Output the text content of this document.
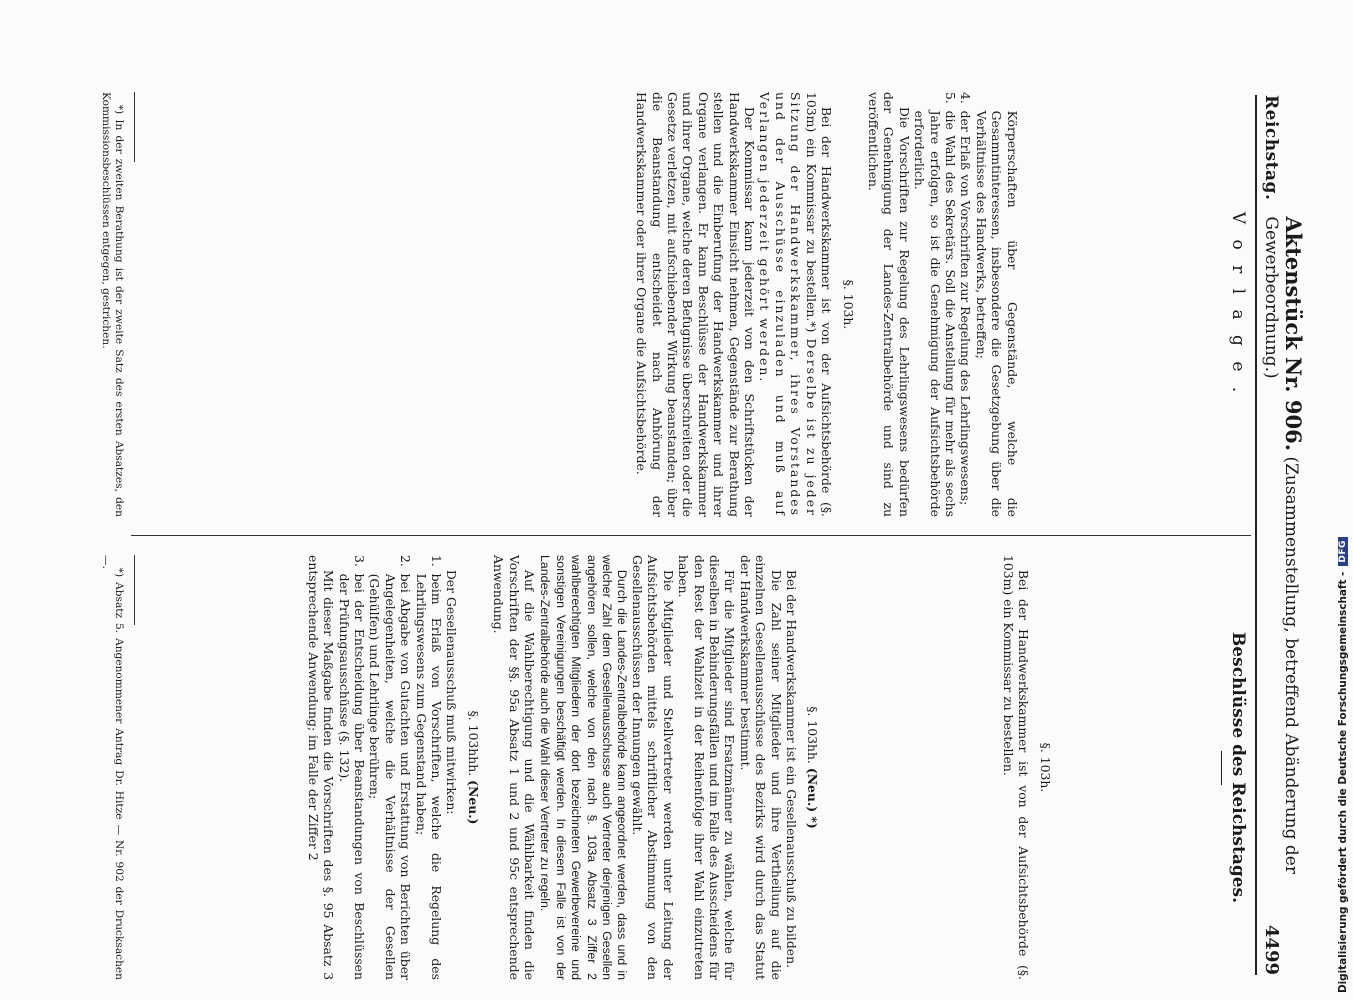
Reichstag.
Aktenstück Nr. 906. (Zusammenstellung, betreffend Abänderung der Gewerbeordnung.)
4499
V o r l a g e .

Körperschaften über Gegenstände, welche die Gesammtinteressen, insbesondere die Gesetzgebung über die Verhältnisse des Handwerks, betreffen;

4.
der Erlaß von Vorschriften zur Regelung des Lehrlingswesens;

5.
die Wahl des Sekretärs. Soll die Anstellung für mehr als sechs Jahre erfolgen, so ist die Genehmigung der Aufsichtsbehörde erforderlich.

Die Vorschriften zur Regelung des Lehrlingswesens bedürfen der Genehmigung der Landes-Zentralbehörde und sind zu veröffentlichen.

§. 103h.

Bei der Handwerkskammer ist von der Aufsichtsbehörde (§. 103m) ein Kommissar zu bestellen.*) Derselbe ist zu jeder Sitzung der Handwerkskammer, ihres Vorstandes und der Ausschüsse einzuladen und muß auf Verlangen jederzeit gehört werden.

Der Kommissar kann jederzeit von den Schriftstücken der Handwerkskammer Einsicht nehmen, Gegenstände zur Berathung stellen und die Einberufung der Handwerkskammer und ihrer Organe verlangen. Er kann Beschlüsse der Handwerkskammer und ihrer Organe, welche deren Befugnisse überschreiten oder die Gesetze verletzen, mit aufschiebender Wirkung beanstanden; über die Beanstandung entscheidet nach Anhörung der Handwerkskammer oder ihrer Organe die Aufsichtsbehörde.

*) In der zweiten Berathung ist der zweite Satz des ersten Absatzes, den Kommissionsbeschlüssen entgegen, gestrichen.

Beschlüsse des Reichstages.

§. 103h.

Bei der Handwerkskammer ist von der Aufsichtsbehörde (§. 103m) ein Kommissar zu bestellen.

§. 103hh. (Neu.) *)

Bei der Handwerkskammer ist ein Gesellenausschuß zu bilden.

Die Zahl seiner Mitglieder und ihre Vertheilung auf die einzelnen Gesellenausschüsse des Bezirks wird durch das Statut der Handwerkskammer bestimmt.

Für die Mitglieder sind Ersatzmänner zu wählen, welche für dieselben in Behinderungsfällen und im Falle des Ausscheidens für den Rest der Wahlzeit in der Reihenfolge ihrer Wahl einzutreten haben.

Die Mitglieder und Stellvertreter werden unter Leitung der Aufsichtsbehörden mittels schriftlicher Abstimmung von den Gesellenausschüssen der Innungen gewählt.

Durch die Landes-Zentralbehörde kann angeordnet werden, dass und in welcher Zahl dem Gesellenausschusse auch Vertreter derjenigen Gesellen angehören sollen, welche von den nach §. 103a Absatz 3 Ziffer 2 wahlberechtigten Mitgliedern der dort bezeichneten Gewerbevereine und sonstigen Vereinigungen beschäftigt werden. In diesem Falle ist von der Landes-Zentralbehörde auch die Wahl dieser Vertreter zu regeln.

Auf die Wahlberechtigung und die Wählbarkeit finden die Vorschriften der §§. 95a Absatz 1 und 2 und 95c entsprechende Anwendung.

§. 103hhh. (Neu.)

Der Gesellenausschuß muß mitwirken:

1.
beim Erlaß von Vorschriften, welche die Regelung des Lehrlingswesens zum Gegenstand haben;

2.
bei Abgabe von Gutachten und Erstattung von Berichten über Angelegenheiten, welche die Verhältnisse der Gesellen (Gehülfen) und Lehrlinge berühren;

3.
bei der Entscheidung über Beanstandungen von Beschlüssen der Prüfungsausschüsse (§. 132).

Mit dieser Maßgabe finden die Vorschriften des §. 95 Absatz 3 entsprechende Anwendung; im Falle der Ziffer 2

*) Absatz 5. Angenommener Antrag Dr. Hitze — Nr. 902 der Drucksachen —.

Digitalisierung gefördert durch die Deutsche Forschungsgemeinschaft -
DFG
